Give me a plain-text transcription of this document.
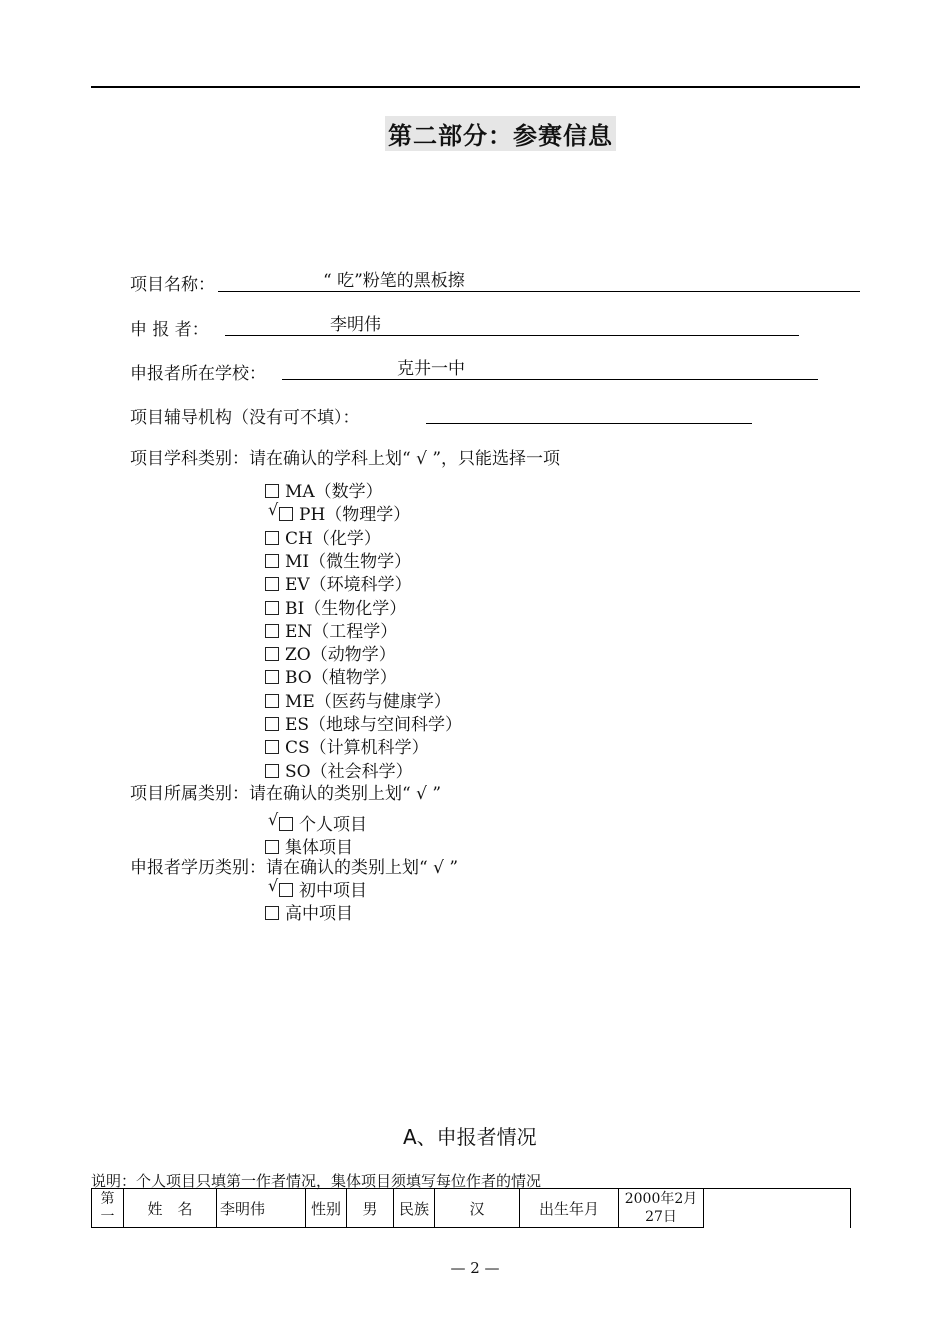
第二部分：参赛信息
项目名称：	“ 吃”粉笔的黑板擦
申 报 者：	李明伟
申报者所在学校：	克井一中
项目辅导机构（没有可不填）：
项目学科类别：请在确认的学科上划“ √ ”，只能选择一项
MA（数学）
√ PH（物理学）
CH（化学）
MI（微生物学）
EV（环境科学）
BI（生物化学）
EN（工程学）
ZO（动物学）
BO（植物学）
ME（医药与健康学）
ES（地球与空间科学）
CS（计算机科学）
SO（社会科学）
项目所属类别：请在确认的类别上划“ √ ”
√ 个人项目
集体项目
申报者学历类别：请在确认的类别上划“ √ ”
√ 初中项目
高中项目
A、申报者情况
说明：个人项目只填第一作者情况，集体项目须填写每位作者的情况
第一	姓　名	李明伟	性别	男	民族	汉	出生年月	2000年2月27日	
— 2 —
